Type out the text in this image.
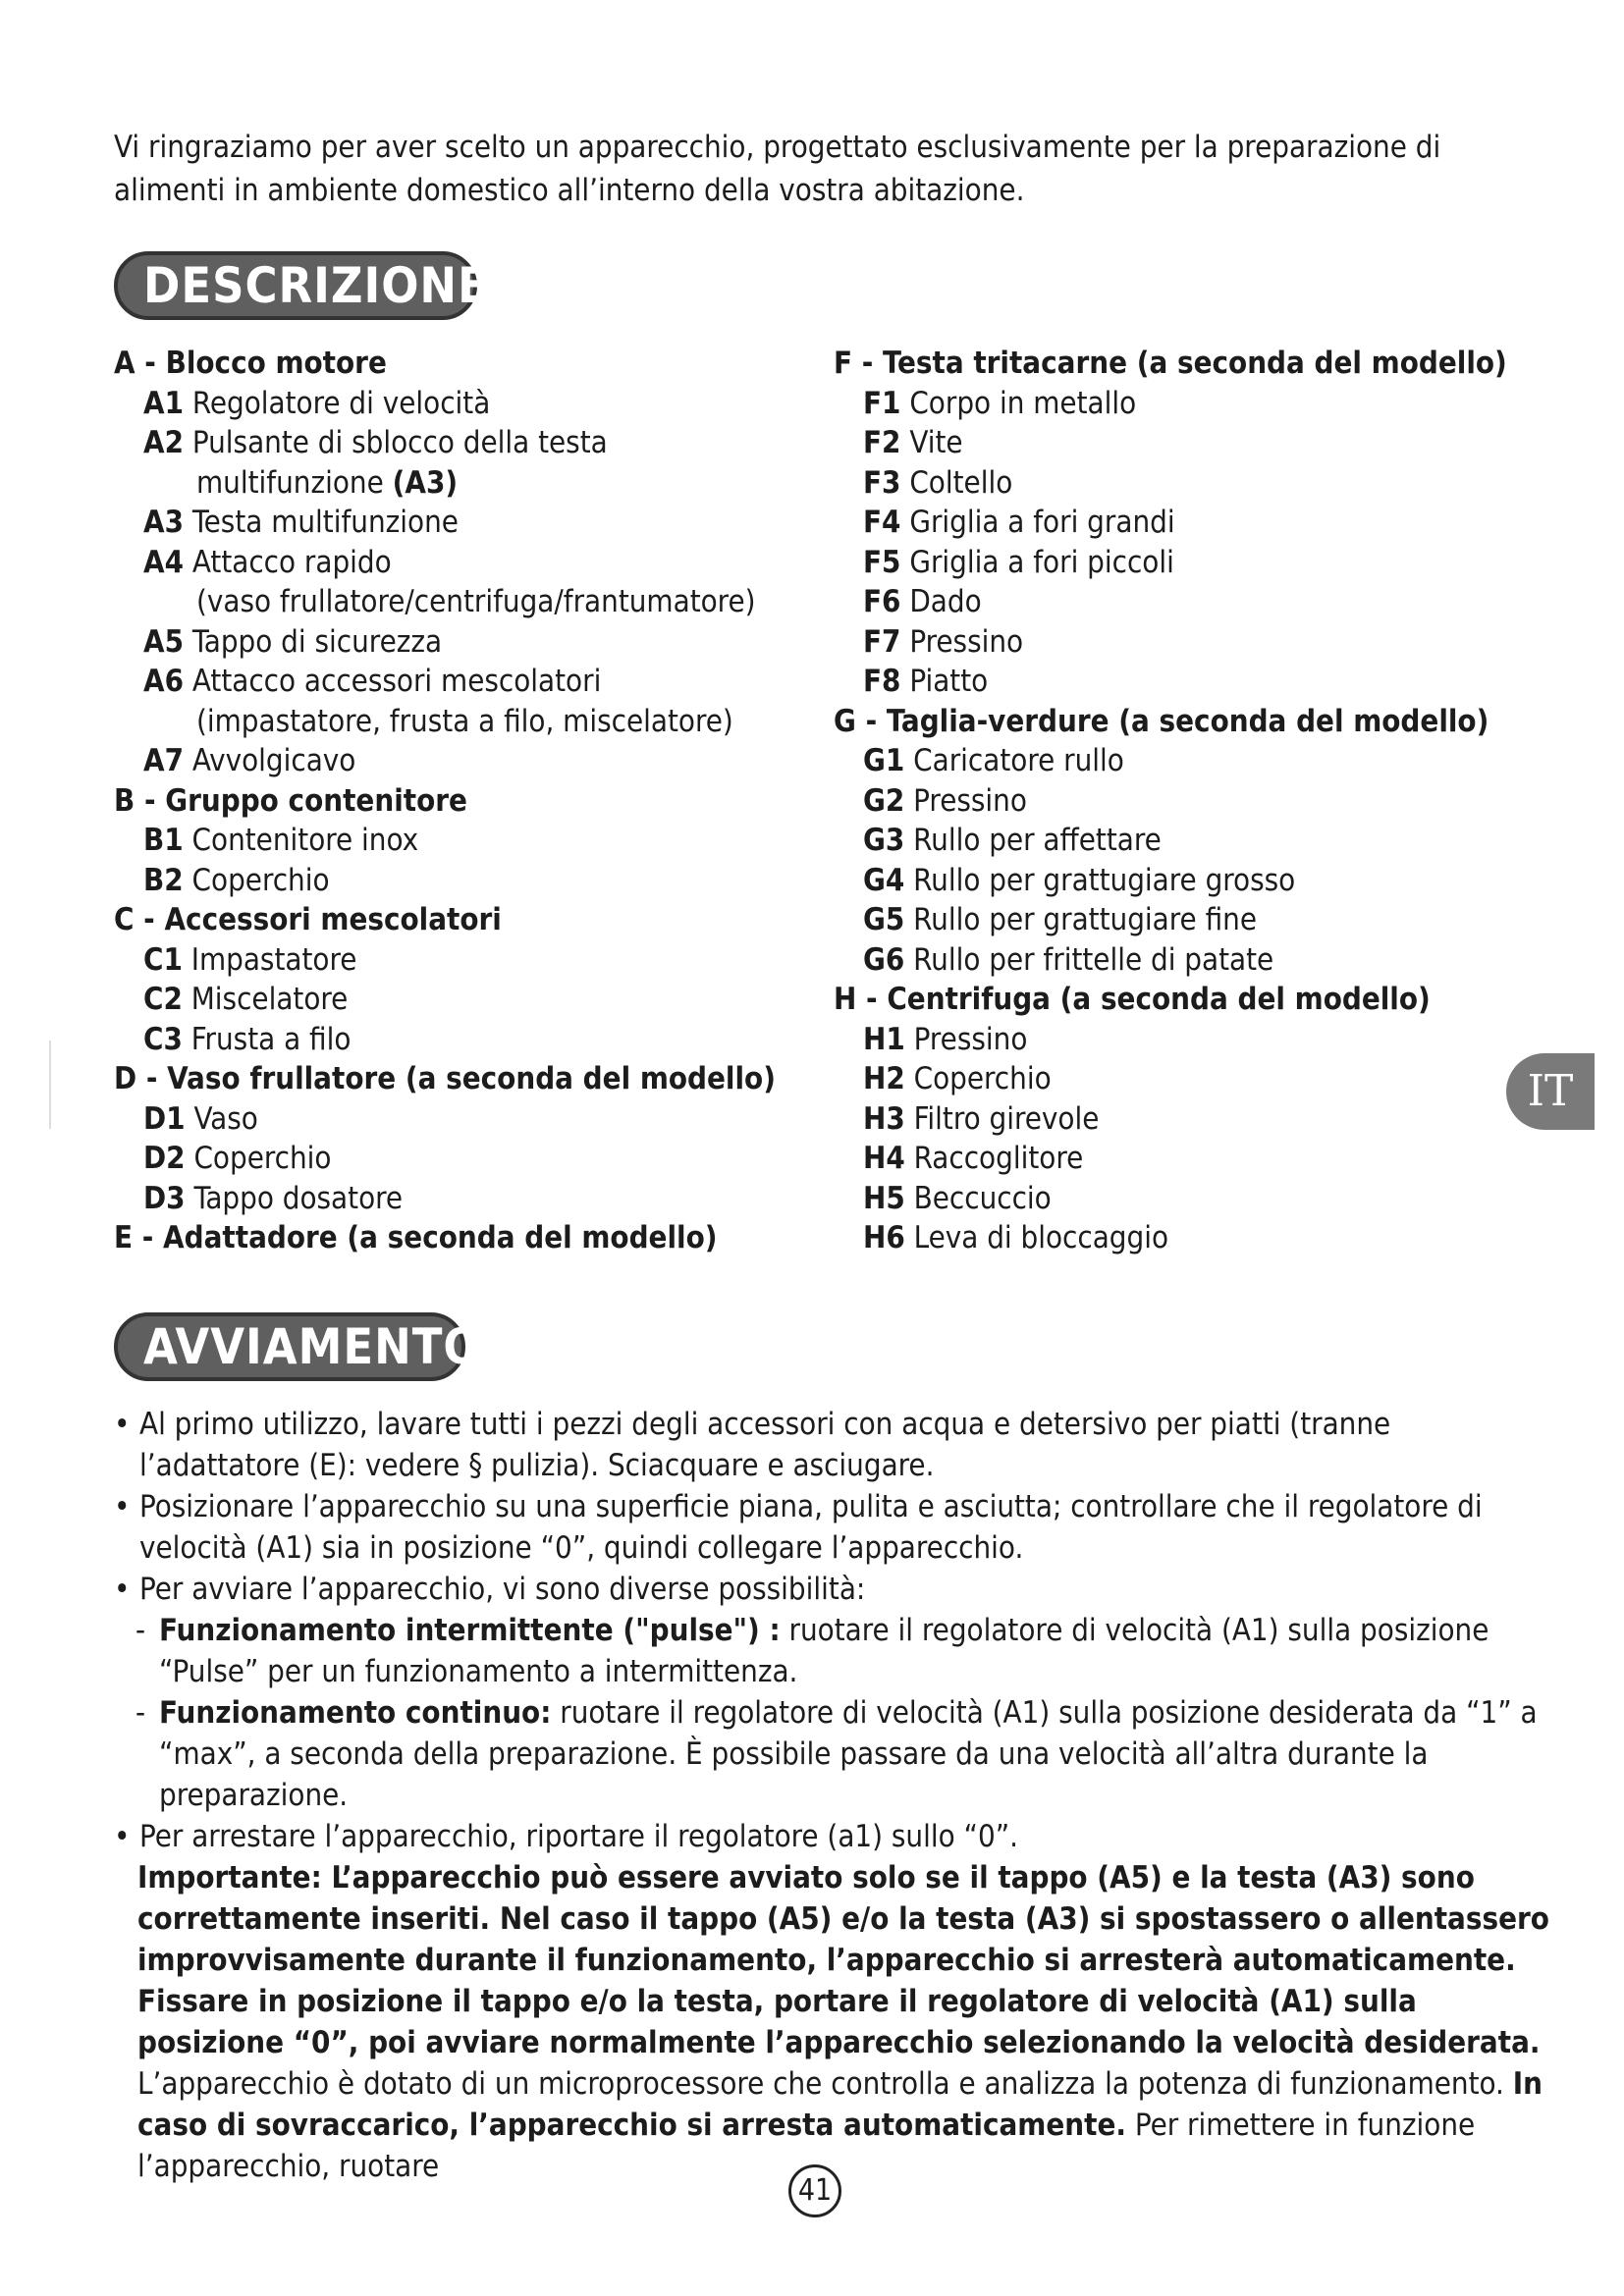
Vi ringraziamo per aver scelto un apparecchio, progettato esclusivamente per la preparazione di alimenti in ambiente domestico all’interno della vostra abitazione.
DESCRIZIONE
A - Blocco motore
A1 Regolatore di velocità
A2 Pulsante di sblocco della testa
multifunzione (A3)
A3 Testa multifunzione
A4 Attacco rapido
(vaso frullatore/centrifuga/frantumatore)
A5 Tappo di sicurezza
A6 Attacco accessori mescolatori
(impastatore, frusta a filo, miscelatore)
A7 Avvolgicavo
B - Gruppo contenitore
B1 Contenitore inox
B2 Coperchio
C - Accessori mescolatori
C1 Impastatore
C2 Miscelatore
C3 Frusta a filo
D - Vaso frullatore (a seconda del modello)
D1 Vaso
D2 Coperchio
D3 Tappo dosatore
E - Adattadore (a seconda del modello)
F - Testa tritacarne (a seconda del modello)
F1 Corpo in metallo
F2 Vite
F3 Coltello
F4 Griglia a fori grandi
F5 Griglia a fori piccoli
F6 Dado
F7 Pressino
F8 Piatto
G - Taglia-verdure (a seconda del modello)
G1 Caricatore rullo
G2 Pressino
G3 Rullo per affettare
G4 Rullo per grattugiare grosso
G5 Rullo per grattugiare fine
G6 Rullo per frittelle di patate
H - Centrifuga (a seconda del modello)
H1 Pressino
H2 Coperchio
H3 Filtro girevole
H4 Raccoglitore
H5 Beccuccio
H6 Leva di bloccaggio
IT
AVVIAMENTO
• Al primo utilizzo, lavare tutti i pezzi degli accessori con acqua e detersivo per piatti (tranne l’adattatore (E): vedere § pulizia). Sciacquare e asciugare.
• Posizionare l’apparecchio su una superficie piana, pulita e asciutta; controllare che il regolatore di velocità (A1) sia in posizione “0”, quindi collegare l’apparecchio.
• Per avviare l’apparecchio, vi sono diverse possibilità:
- Funzionamento intermittente ("pulse") : ruotare il regolatore di velocità (A1) sulla posizione “Pulse” per un funzionamento a intermittenza.
- Funzionamento continuo: ruotare il regolatore di velocità (A1) sulla posizione desiderata da “1” a “max”, a seconda della preparazione. È possibile passare da una velocità all’altra durante la preparazione.
• Per arrestare l’apparecchio, riportare il regolatore (a1) sullo “0”.
Importante: L’apparecchio può essere avviato solo se il tappo (A5) e la testa (A3) sono correttamente inseriti. Nel caso il tappo (A5) e/o la testa (A3) si spostassero o allentassero improvvisamente durante il funzionamento, l’apparecchio si arresterà automaticamente. Fissare in posizione il tappo e/o la testa, portare il regolatore di velocità (A1) sulla posizione “0”, poi avviare normalmente l’apparecchio selezionando la velocità desiderata.
L’apparecchio è dotato di un microprocessore che controlla e analizza la potenza di funzionamento. In caso di sovraccarico, l’apparecchio si arresta automaticamente. Per rimettere in funzione l’apparecchio, ruotare
41
